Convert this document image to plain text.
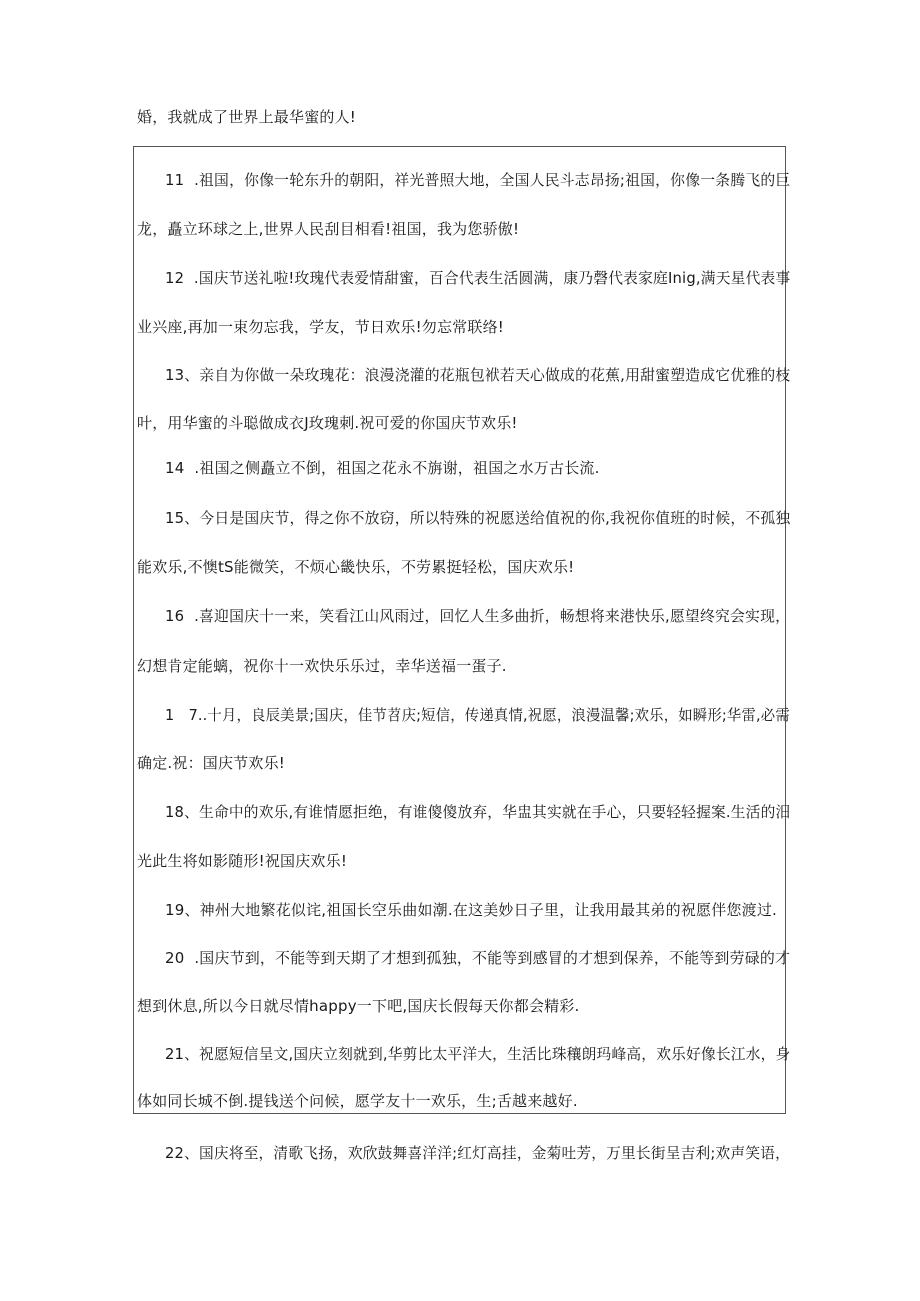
婚，我就成了世界上最华蜜的人!
11  .祖国，你像一轮东升的朝阳，祥光普照大地，全国人民斗志昂扬;祖国，你像一条腾飞的巨
龙，矗立环球之上,世界人民刮目相看!祖国，我为您骄傲!
12  .国庆节送礼啦!玫瑰代表爱情甜蜜，百合代表生活圆满，康乃磬代表家庭Inig,满天星代表事
业兴座,再加一束勿忘我，学友，节日欢乐!勿忘常联络!
13、亲自为你做一朵玫瑰花：浪漫浇灌的花瓶包袱若天心做成的花蕉,用甜蜜塑造成它优雅的枝
叶，用华蜜的斗聪做成衣J玫瑰刺.祝可爱的你国庆节欢乐!
14  .祖国之侧矗立不倒，祖国之花永不旃谢，祖国之水万古长流.
15、今日是国庆节，得之你不放窃，所以特殊的祝愿送给值祝的你,我祝你值班的时候，不孤独
能欢乐,不懊tS能微笑，不烦心畿快乐，不劳累挺轻松，国庆欢乐!
16  .喜迎国庆十一来，笑看江山风雨过，回忆人生多曲折，畅想将来港快乐,愿望终究会实现，
幻想肯定能螭，祝你十一欢快乐乐过，幸华送福一蛋子.
1   7..十月，良辰美景;国庆，佳节苕庆;短信，传递真情,祝愿，浪漫温馨;欢乐，如瞬形;华雷,必需
确定.祝：国庆节欢乐!
18、生命中的欢乐,有谁情愿拒绝，有谁傻傻放弃，华盅其实就在手心，只要轻轻握案.生活的汨
光此生将如影随形!祝国庆欢乐!
19、神州大地繁花似诧,祖国长空乐曲如潮.在这美妙日子里，让我用最其弟的祝愿伴您渡过.
20  .国庆节到，不能等到天期了才想到孤独，不能等到感冒的才想到保养，不能等到劳碌的才
想到休息,所以今日就尽情happy一下吧,国庆长假每天你都会精彩.
21、祝愿短信呈文,国庆立刻就到,华剪比太平洋大，生活比珠穰朗玛峰高，欢乐好像长江水，身
体如同长城不倒.提钱送个问候，愿学友十一欢乐，生;舌越来越好.
22、国庆将至，清歌飞扬，欢欣鼓舞喜洋洋;红灯高挂，金菊吐芳，万里长街呈吉利;欢声笑语，
